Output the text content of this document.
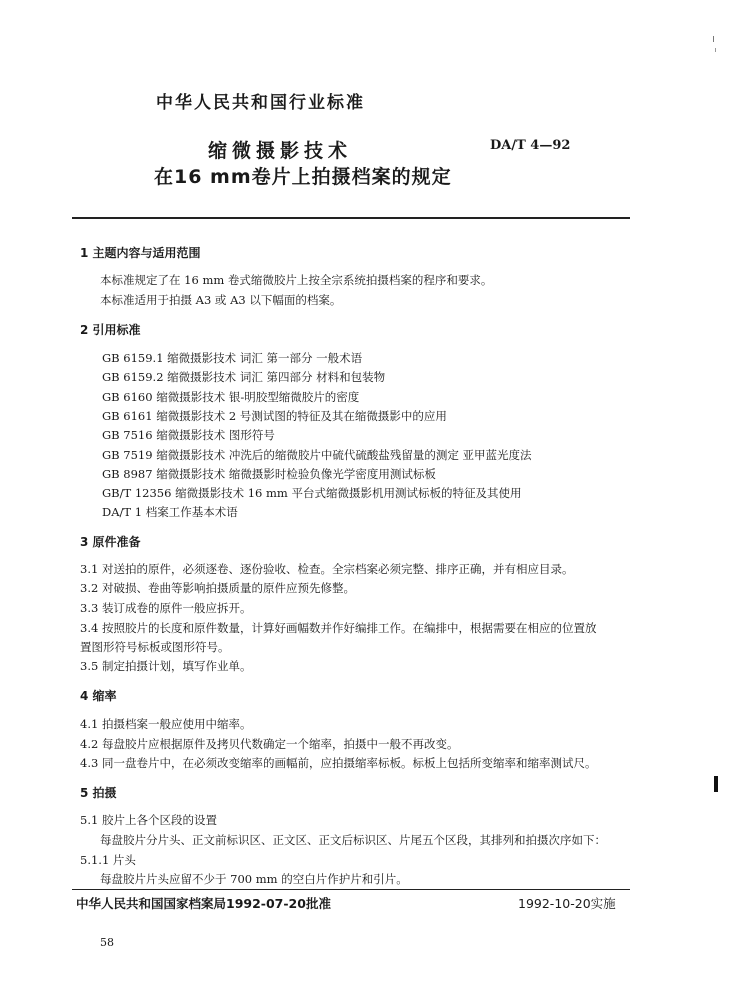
中华人民共和国行业标准
缩微摄影技术
在16 mm卷片上拍摄档案的规定
DA/T 4—92
1 主题内容与适用范围
本标准规定了在 16 mm 卷式缩微胶片上按全宗系统拍摄档案的程序和要求。
本标准适用于拍摄 A3 或 A3 以下幅面的档案。
2 引用标准
GB 6159.1 缩微摄影技术 词汇 第一部分 一般术语
GB 6159.2 缩微摄影技术 词汇 第四部分 材料和包装物
GB 6160 缩微摄影技术 银-明胶型缩微胶片的密度
GB 6161 缩微摄影技术 2 号测试图的特征及其在缩微摄影中的应用
GB 7516 缩微摄影技术 图形符号
GB 7519 缩微摄影技术 冲洗后的缩微胶片中硫代硫酸盐残留量的测定 亚甲蓝光度法
GB 8987 缩微摄影技术 缩微摄影时检验负像光学密度用测试标板
GB/T 12356 缩微摄影技术 16 mm 平台式缩微摄影机用测试标板的特征及其使用
DA/T 1 档案工作基本术语
3 原件准备
3.1 对送拍的原件，必须逐卷、逐份验收、检查。全宗档案必须完整、排序正确，并有相应目录。
3.2 对破损、卷曲等影响拍摄质量的原件应预先修整。
3.3 装订成卷的原件一般应拆开。
3.4 按照胶片的长度和原件数量，计算好画幅数并作好编排工作。在编排中，根据需要在相应的位置放
置图形符号标板或图形符号。
3.5 制定拍摄计划，填写作业单。
4 缩率
4.1 拍摄档案一般应使用中缩率。
4.2 每盘胶片应根据原件及拷贝代数确定一个缩率，拍摄中一般不再改变。
4.3 同一盘卷片中，在必须改变缩率的画幅前，应拍摄缩率标板。标板上包括所变缩率和缩率测试尺。
5 拍摄
5.1 胶片上各个区段的设置
每盘胶片分片头、正文前标识区、正文区、正文后标识区、片尾五个区段，其排列和拍摄次序如下：
5.1.1 片头
每盘胶片片头应留不少于 700 mm 的空白片作护片和引片。
中华人民共和国国家档案局1992-07-20批准	1992-10-20实施
58
